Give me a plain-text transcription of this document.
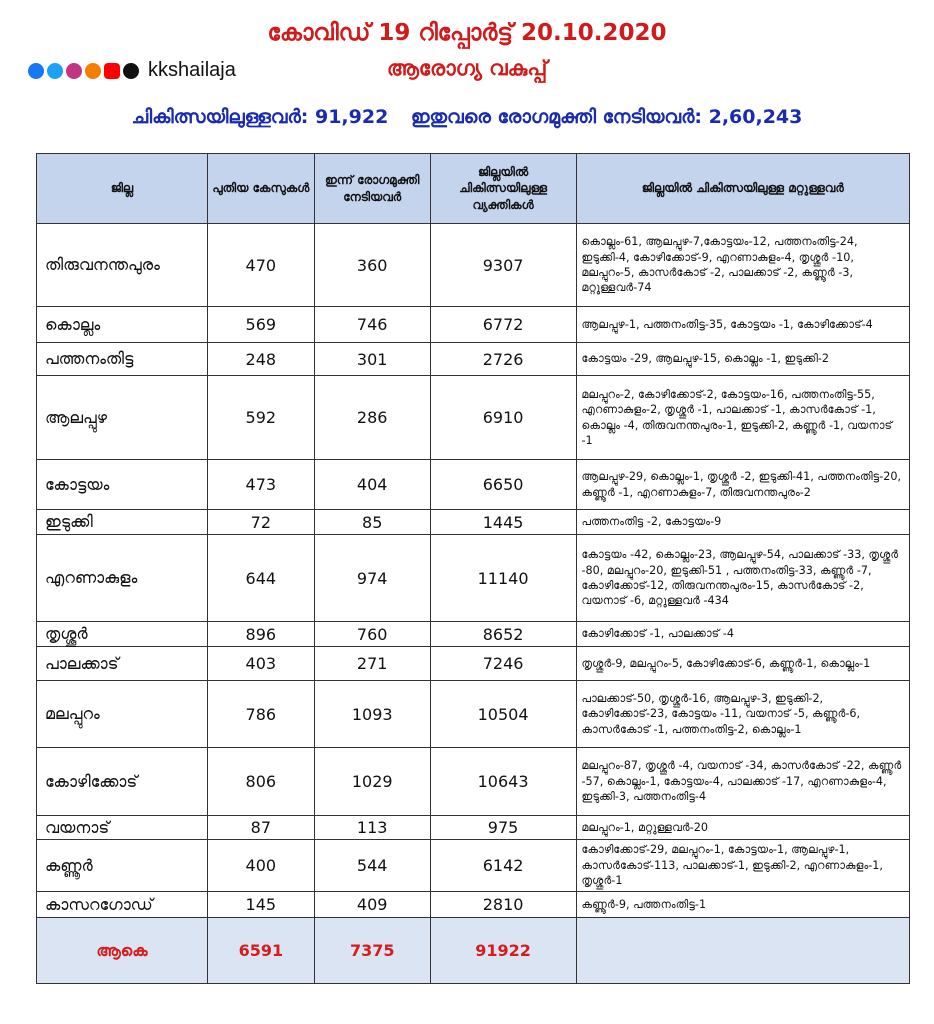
കോവിഡ് 19 റിപ്പോർട്ട് 20.10.2020
kkshailaja	ആരോഗ്യ വകുപ്പ്
ചികിത്സയിലുള്ളവർ: 91,922 ഇതുവരെ രോഗമുക്തി നേടിയവർ: 2,60,243
ജില്ല	പുതിയ കേസുകൾ	ഇന്ന് രോഗമുക്തി നേടിയവർ	ജില്ലയിൽ ചികിത്സയിലുള്ള വ്യക്തികൾ	ജില്ലയിൽ ചികിത്സയിലുള്ള മറ്റുള്ളവർ
തിരുവനന്തപുരം	470	360	9307	കൊല്ലം-61, ആലപ്പുഴ-7,കോട്ടയം-12, പത്തനംതിട്ട-24, ഇടുക്കി-4, കോഴിക്കോട്-9, എറണാകുളം-4, തൃശ്ശൂർ -10, മലപ്പുറം-5, കാസർകോട് -2, പാലക്കാട് -2, കണ്ണൂർ -3, മറ്റുള്ളവർ-74
കൊല്ലം	569	746	6772	ആലപ്പുഴ-1, പത്തനംതിട്ട-35, കോട്ടയം -1, കോഴിക്കോട്-4
പത്തനംതിട്ട	248	301	2726	കോട്ടയം -29, ആലപ്പുഴ-15, കൊല്ലം -1, ഇടുക്കി-2
ആലപ്പുഴ	592	286	6910	മലപ്പുറം-2, കോഴിക്കോട്-2, കോട്ടയം-16, പത്തനംതിട്ട-55, എറണാകുളം-2, തൃശ്ശൂർ -1, പാലക്കാട് -1, കാസർകോട് -1, കൊല്ലം -4, തിരുവനന്തപുരം-1, ഇടുക്കി-2, കണ്ണൂർ -1, വയനാട് -1
കോട്ടയം	473	404	6650	ആലപ്പുഴ-29, കൊല്ലം-1, തൃശ്ശൂർ -2, ഇടുക്കി-41, പത്തനംതിട്ട-20, കണ്ണൂർ -1, എറണാകുളം-7, തിരുവനന്തപുരം-2
ഇടുക്കി	72	85	1445	പത്തനംതിട്ട -2, കോട്ടയം-9
എറണാകുളം	644	974	11140	കോട്ടയം -42, കൊല്ലം-23, ആലപ്പുഴ-54, പാലക്കാട് -33, തൃശ്ശൂർ -80, മലപ്പുറം-20, ഇടുക്കി-51 , പത്തനംതിട്ട-33, കണ്ണൂർ -7, കോഴിക്കോട്-12, തിരുവനന്തപുരം-15, കാസർകോട് -2, വയനാട് -6, മറ്റുള്ളവർ -434
തൃശ്ശൂർ	896	760	8652	കോഴിക്കോട് -1, പാലക്കാട് -4
പാലക്കാട്	403	271	7246	തൃശ്ശൂർ-9, മലപ്പുറം-5, കോഴിക്കോട്-6, കണ്ണൂർ-1, കൊല്ലം-1
മലപ്പുറം	786	1093	10504	പാലക്കാട്-50, തൃശ്ശൂർ-16, ആലപ്പുഴ-3, ഇടുക്കി-2, കോഴിക്കോട്-23, കോട്ടയം -11, വയനാട് -5, കണ്ണൂർ-6, കാസർകോട് -1, പത്തനംതിട്ട-2, കൊല്ലം-1
കോഴിക്കോട്	806	1029	10643	മലപ്പുറം-87, തൃശ്ശൂർ -4, വയനാട് -34, കാസർകോട് -22, കണ്ണൂർ -57, കൊല്ലം-1, കോട്ടയം-4, പാലക്കാട് -17, എറണാകുളം-4, ഇടുക്കി-3, പത്തനംതിട്ട-4
വയനാട്	87	113	975	മലപ്പുറം-1, മറ്റുള്ളവർ-20
കണ്ണൂർ	400	544	6142	കോഴിക്കോട്-29, മലപ്പുറം-1, കോട്ടയം-1, ആലപ്പുഴ-1, കാസർകോട്-113, പാലക്കാട്-1, ഇടുക്കി-2, എറണാകുളം-1, തൃശ്ശൂർ-1
കാസറഗോഡ്	145	409	2810	കണ്ണൂർ-9, പത്തനംതിട്ട-1
ആകെ	6591	7375	91922	
